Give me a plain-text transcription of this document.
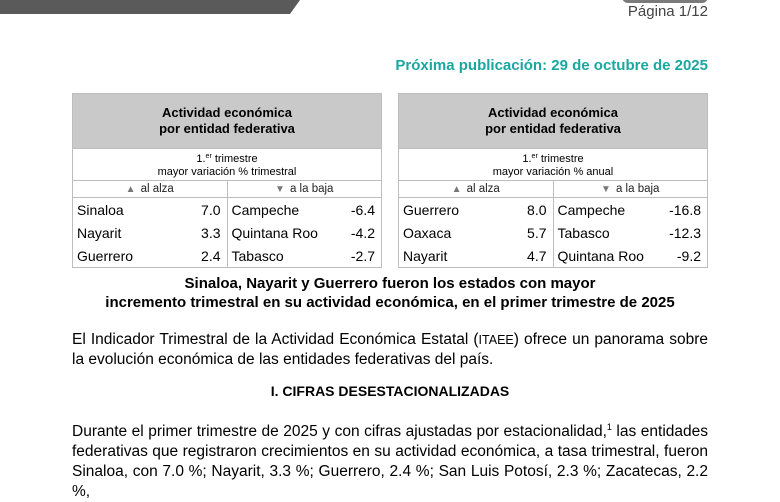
Página 1/12
Próxima publicación: 29 de octubre de 2025
Actividad económica
por entidad federativa
1.$^{er}$ trimestre
mayor variación % trimestral
▲ al alza	▼ a la baja
Sinaloa	7.0 Campeche	-6.4
Nayarit	3.3 Quintana Roo -4.2
Guerrero	2.4 Tabasco	-2.7
Actividad económica
por entidad federativa
1.$^{er}$ trimestre
mayor variación % anual
▲ al alza	▼ a la baja
Guerrero	8.0 Campeche	-16.8
Oaxaca	5.7 Tabasco	-12.3
Nayarit	4.7 Quintana Roo -9.2
Sinaloa, Nayarit y Guerrero fueron los estados con mayor
incremento trimestral en su actividad económica, en el primer trimestre de 2025
El Indicador Trimestral de la Actividad Económica Estatal (ITAEE) ofrece un panorama sobre la evolución económica de las entidades federativas del país.
I. CIFRAS DESESTACIONALIZADAS
Durante el primer trimestre de 2025 y con cifras ajustadas por estacionalidad,$^1$ las entidades federativas que registraron crecimientos en su actividad económica, a tasa trimestral, fueron Sinaloa, con 7.0 %; Nayarit, 3.3 %; Guerrero, 2.4 %; San Luis Potosí, 2.3 %; Zacatecas, 2.2 %,
